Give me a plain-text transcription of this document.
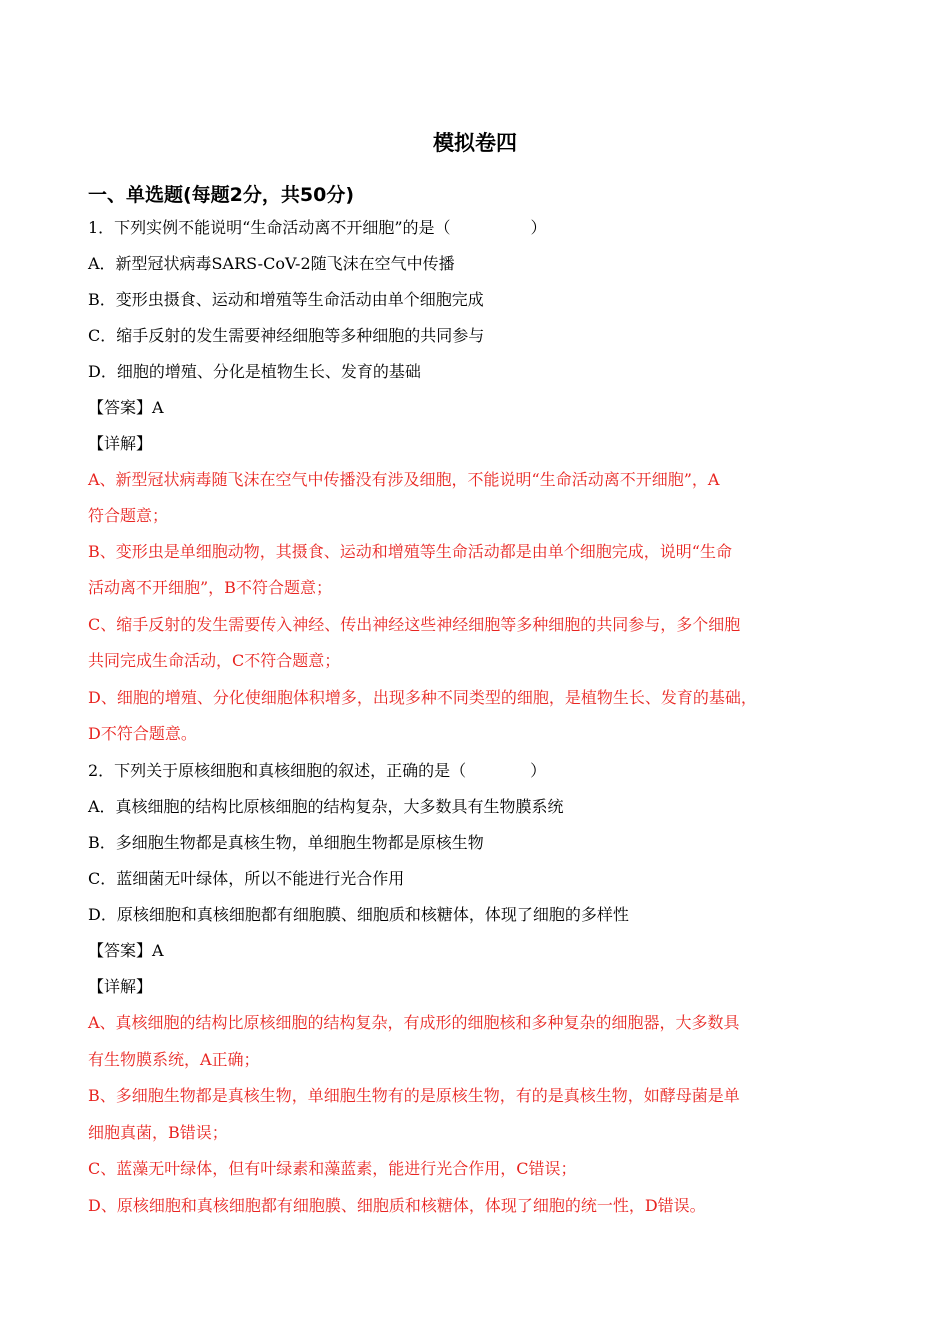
模拟卷四
一、单选题(每题2分，共50分)
1．下列实例不能说明“生命活动离不开细胞”的是（　　　　　）
A．新型冠状病毒SARS-CoV-2随飞沫在空气中传播
B．变形虫摄食、运动和增殖等生命活动由单个细胞完成
C．缩手反射的发生需要神经细胞等多种细胞的共同参与
D．细胞的增殖、分化是植物生长、发育的基础
【答案】A
【详解】
A、新型冠状病毒随飞沫在空气中传播没有涉及细胞，不能说明“生命活动离不开细胞”，A
符合题意；
B、变形虫是单细胞动物，其摄食、运动和增殖等生命活动都是由单个细胞完成，说明“生命
活动离不开细胞”，B不符合题意；
C、缩手反射的发生需要传入神经、传出神经这些神经细胞等多种细胞的共同参与，多个细胞
共同完成生命活动，C不符合题意；
D、细胞的增殖、分化使细胞体积增多，出现多种不同类型的细胞，是植物生长、发育的基础，
D不符合题意。
2．下列关于原核细胞和真核细胞的叙述，正确的是（　　　　）
A．真核细胞的结构比原核细胞的结构复杂，大多数具有生物膜系统
B．多细胞生物都是真核生物，单细胞生物都是原核生物
C．蓝细菌无叶绿体，所以不能进行光合作用
D．原核细胞和真核细胞都有细胞膜、细胞质和核糖体，体现了细胞的多样性
【答案】A
【详解】
A、真核细胞的结构比原核细胞的结构复杂，有成形的细胞核和多种复杂的细胞器，大多数具
有生物膜系统，A正确；
B、多细胞生物都是真核生物，单细胞生物有的是原核生物，有的是真核生物，如酵母菌是单
细胞真菌，B错误；
C、蓝藻无叶绿体，但有叶绿素和藻蓝素，能进行光合作用，C错误；
D、原核细胞和真核细胞都有细胞膜、细胞质和核糖体，体现了细胞的统一性，D错误。
